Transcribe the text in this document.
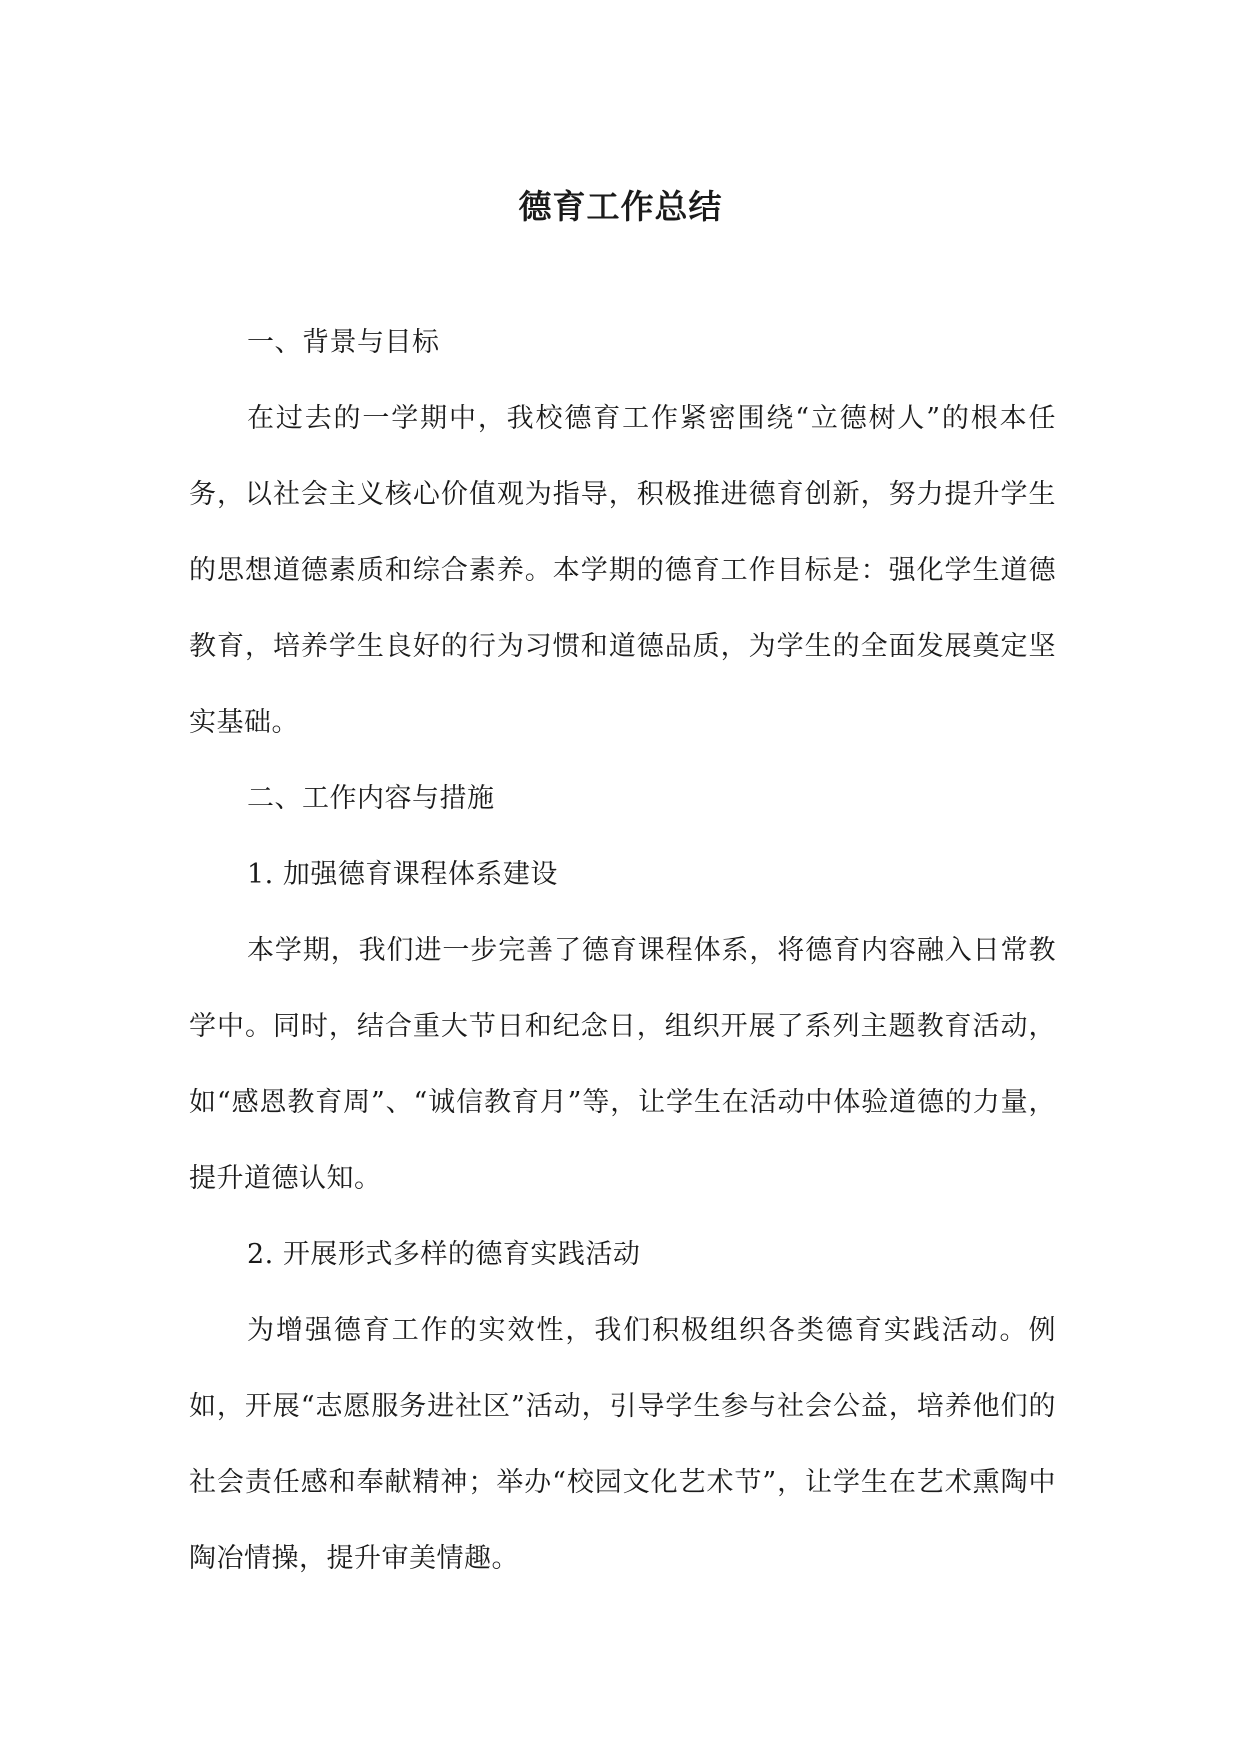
德育工作总结

一、背景与目标

在过去的一学期中，我校德育工作紧密围绕“立德树人”的根本任务，以社会主义核心价值观为指导，积极推进德育创新，努力提升学生的思想道德素质和综合素养。本学期的德育工作目标是：强化学生道德教育，培养学生良好的行为习惯和道德品质，为学生的全面发展奠定坚实基础。

二、工作内容与措施

1. 加强德育课程体系建设

本学期，我们进一步完善了德育课程体系，将德育内容融入日常教学中。同时，结合重大节日和纪念日，组织开展了系列主题教育活动，如“感恩教育周”、“诚信教育月”等，让学生在活动中体验道德的力量，提升道德认知。

2. 开展形式多样的德育实践活动

为增强德育工作的实效性，我们积极组织各类德育实践活动。例如，开展“志愿服务进社区”活动，引导学生参与社会公益，培养他们的社会责任感和奉献精神；举办“校园文化艺术节”，让学生在艺术熏陶中陶冶情操，提升审美情趣。
